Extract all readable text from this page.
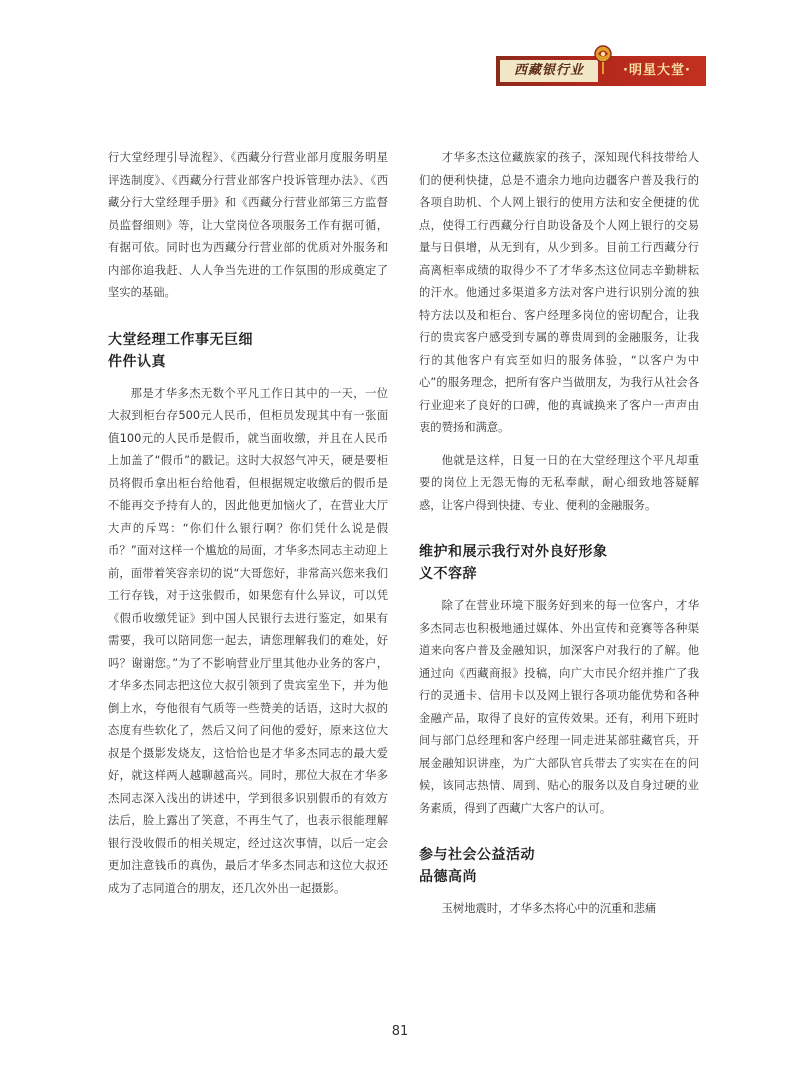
西藏银行业	·明星大堂·

行大堂经理引导流程》、《西藏分行营业部月度服务明星评选制度》、《西藏分行营业部客户投诉管理办法》、《西藏分行大堂经理手册》和《西藏分行营业部第三方监督员监督细则》等，让大堂岗位各项服务工作有据可循，有据可依。同时也为西藏分行营业部的优质对外服务和内部你追我赶、人人争当先进的工作氛围的形成奠定了坚实的基础。

大堂经理工作事无巨细
件件认真

那是才华多杰无数个平凡工作日其中的一天，一位大叔到柜台存500元人民币，但柜员发现其中有一张面值100元的人民币是假币，就当面收缴，并且在人民币上加盖了“假币”的戳记。这时大叔怒气冲天，硬是要柜员将假币拿出柜台给他看，但根据规定收缴后的假币是不能再交予持有人的，因此他更加恼火了，在营业大厅大声的斥骂：“你们什么银行啊？你们凭什么说是假币？”面对这样一个尴尬的局面，才华多杰同志主动迎上前，面带着笑容亲切的说“大哥您好，非常高兴您来我们工行存钱，对于这张假币，如果您有什么异议，可以凭《假币收缴凭证》到中国人民银行去进行鉴定，如果有需要，我可以陪同您一起去，请您理解我们的难处，好吗？谢谢您。”为了不影响营业厅里其他办业务的客户，才华多杰同志把这位大叔引领到了贵宾室坐下，并为他倒上水，夸他很有气质等一些赞美的话语，这时大叔的态度有些软化了，然后又问了问他的爱好，原来这位大叔是个摄影发烧友，这恰恰也是才华多杰同志的最大爱好，就这样两人越聊越高兴。同时，那位大叔在才华多杰同志深入浅出的讲述中，学到很多识别假币的有效方法后，脸上露出了笑意，不再生气了，也表示很能理解银行没收假币的相关规定，经过这次事情，以后一定会更加注意钱币的真伪，最后才华多杰同志和这位大叔还成为了志同道合的朋友，还几次外出一起摄影。

才华多杰这位藏族家的孩子，深知现代科技带给人们的便利快捷，总是不遗余力地向边疆客户普及我行的各项自助机、个人网上银行的使用方法和安全便捷的优点，使得工行西藏分行自助设备及个人网上银行的交易量与日俱增，从无到有，从少到多。目前工行西藏分行高离柜率成绩的取得少不了才华多杰这位同志辛勤耕耘的汗水。他通过多渠道多方法对客户进行识别分流的独特方法以及和柜台、客户经理多岗位的密切配合，让我行的贵宾客户感受到专属的尊贵周到的金融服务，让我行的其他客户有宾至如归的服务体验，“以客户为中心”的服务理念，把所有客户当做朋友，为我行从社会各行业迎来了良好的口碑，他的真诚换来了客户一声声由衷的赞扬和满意。

他就是这样，日复一日的在大堂经理这个平凡却重要的岗位上无怨无悔的无私奉献，耐心细致地答疑解惑，让客户得到快捷、专业、便利的金融服务。

维护和展示我行对外良好形象
义不容辞

除了在营业环境下服务好到来的每一位客户，才华多杰同志也积极地通过媒体、外出宣传和竞赛等各种渠道来向客户普及金融知识，加深客户对我行的了解。他通过向《西藏商报》投稿，向广大市民介绍并推广了我行的灵通卡、信用卡以及网上银行各项功能优势和各种金融产品，取得了良好的宣传效果。还有，利用下班时间与部门总经理和客户经理一同走进某部驻藏官兵，开展金融知识讲座，为广大部队官兵带去了实实在在的问候，该同志热情、周到、贴心的服务以及自身过硬的业务素质，得到了西藏广大客户的认可。

参与社会公益活动
品德高尚

玉树地震时，才华多杰将心中的沉重和悲痛

81
